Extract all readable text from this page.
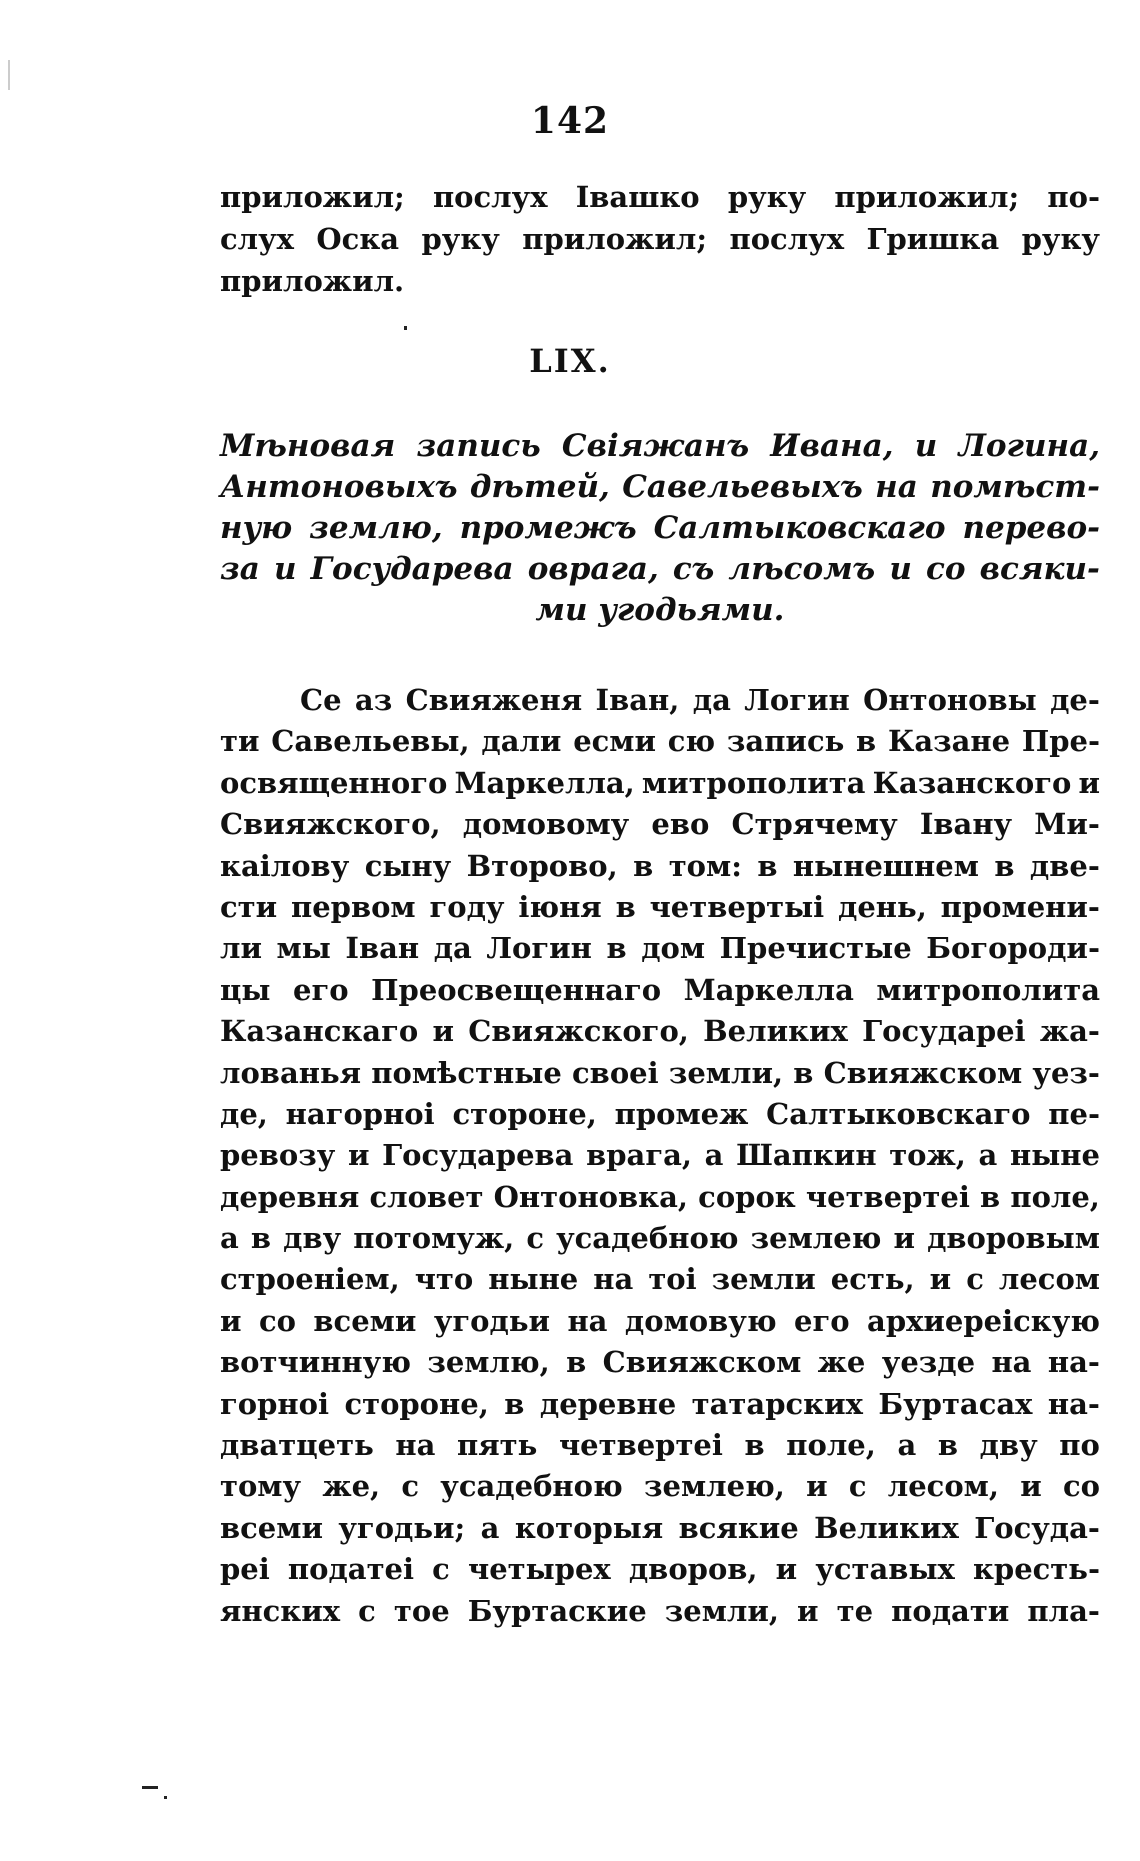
142
приложил; послух Івашко руку приложил; по-
слух Оска руку приложил; послух Гришка руку
приложил.
LIX.
Мѣновая запись Свіяжанъ Ивана, и Логина,
Антоновыхъ дѣтей, Савельевыхъ на помѣст-
ную землю, промежъ Салтыковскаго перево-
за и Государева оврага, съ лѣсомъ и со всяки-
ми угодьями.
Се аз Свияженя Іван, да Логин Онтоновы де-
ти Савельевы, дали есми сю запись в Казане Пре-
освященного Маркелла, митрополита Казанского и
Свияжского, домовому ево Стрячему Івану Ми-
каілову сыну Второво, в том: в нынешнем в две-
сти первом году іюня в четвертыі день, промени-
ли мы Іван да Логин в дом Пречистые Богороди-
цы его Преосвещеннаго Маркелла митрополита
Казанскаго и Свияжского, Великих Государеі жа-
лованья помѣстные своеі земли, в Свияжском уез-
де, нагорноі стороне, промеж Салтыковскаго пе-
ревозу и Государева врага, а Шапкин тож, а ныне
деревня словет Онтоновка, сорок четвертеі в поле,
а в дву потомуж, с усадебною землею и дворовым
строеніем, что ныне на тоі земли есть, и с лесом
и со всеми угодьи на домовую его архиереіскую
вотчинную землю, в Свияжском же уезде на на-
горноі стороне, в деревне татарских Буртасах на-
дватцеть на пять четвертеі в поле, а в дву по
тому же, с усадебною землею, и с лесом, и со
всеми угодьи; а которыя всякие Великих Госуда-
реі податеі с четырех дворов, и уставых кресть-
янских с тое Буртаские земли, и те подати пла-
